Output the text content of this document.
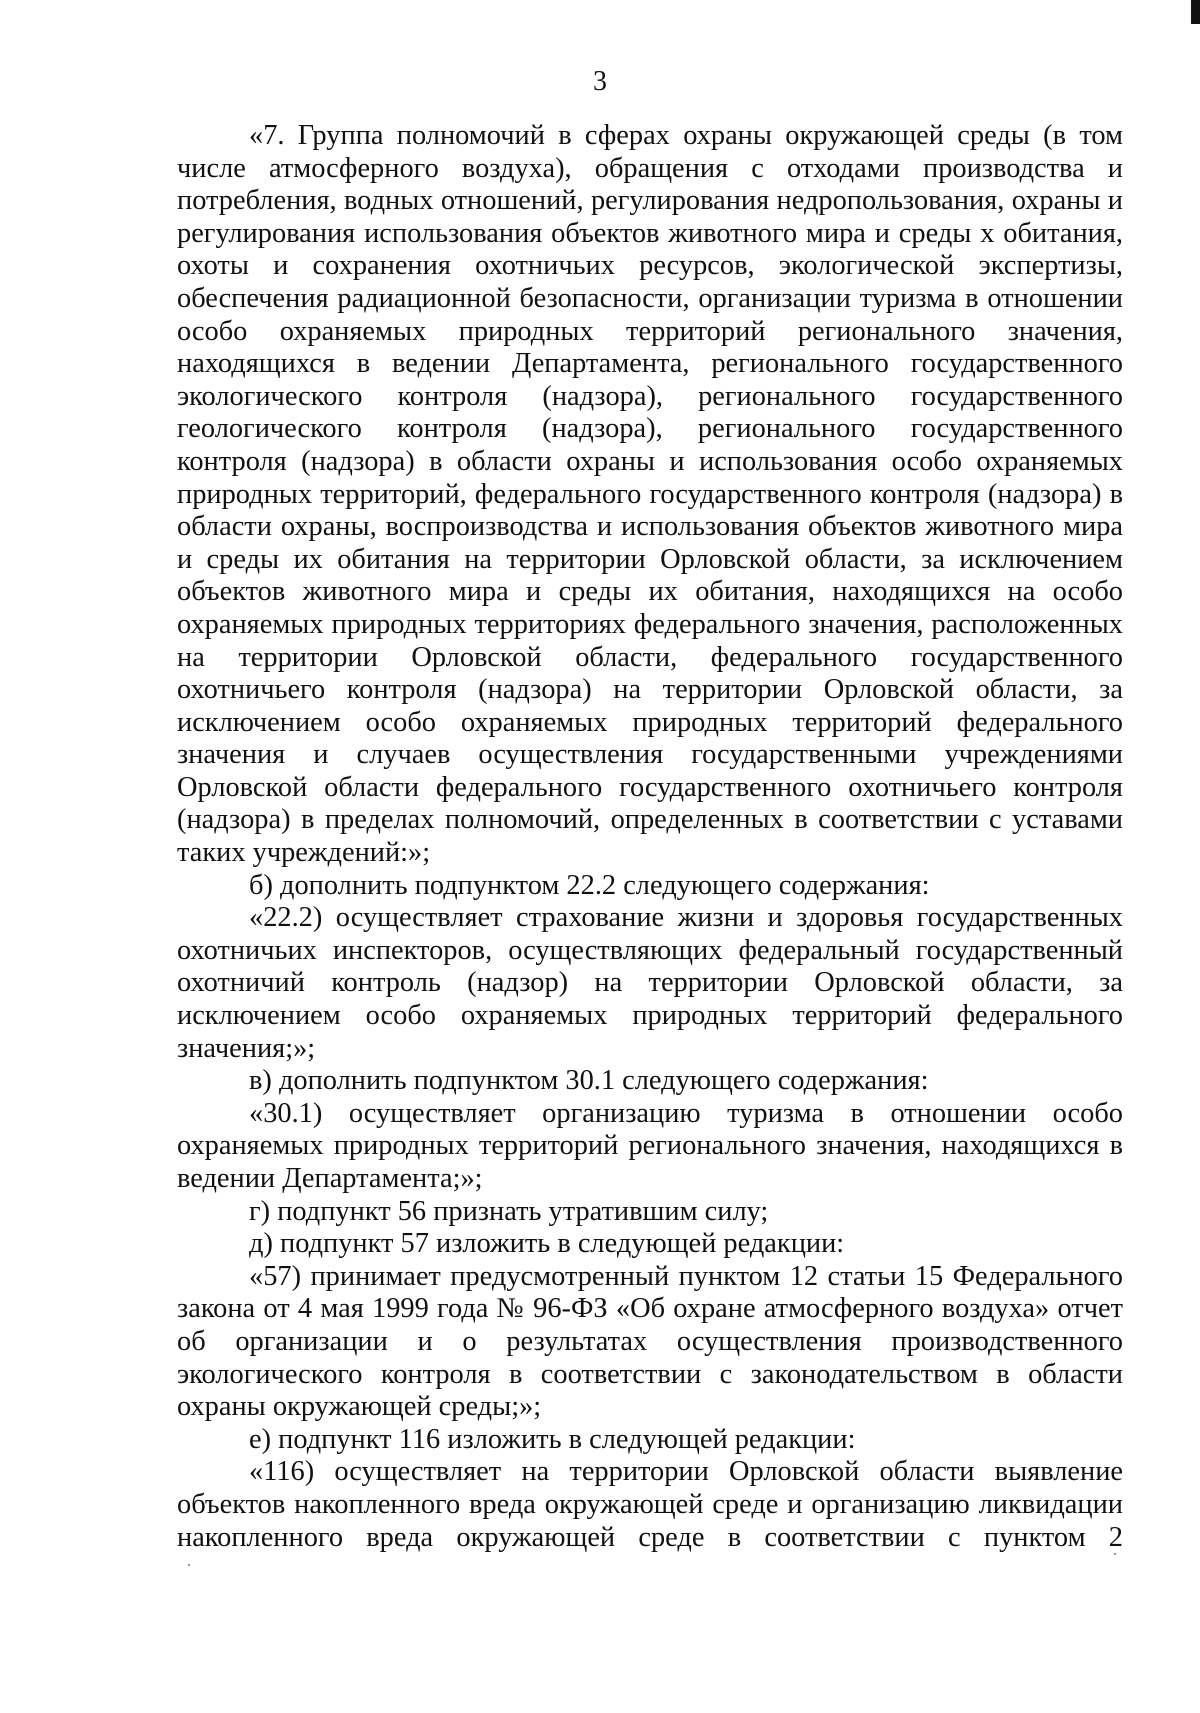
3

«7. Группа полномочий в сферах охраны окружающей среды (в том числе атмосферного воздуха), обращения с отходами производства и потребления, водных отношений, регулирования недропользования, охраны и регулирования использования объектов животного мира и среды х обитания, охоты и сохранения охотничьих ресурсов, экологической экспертизы, обеспечения радиационной безопасности, организации туризма в отношении особо охраняемых природных территорий регионального значения, находящихся в ведении Департамента, регионального государственного экологического контроля (надзора), регионального государственного геологического контроля (надзора), регионального государственного контроля (надзора) в области охраны и использования особо охраняемых природных территорий, федерального государственного контроля (надзора) в области охраны, воспроизводства и использования объектов животного мира и среды их обитания на территории Орловской области, за исключением объектов животного мира и среды их обитания, находящихся на особо охраняемых природных территориях федерального значения, расположенных на территории Орловской области, федерального государственного охотничьего контроля (надзора) на территории Орловской области, за исключением особо охраняемых природных территорий федерального значения и случаев осуществления государственными учреждениями Орловской области федерального государственного охотничьего контроля (надзора) в пределах полномочий, определенных в соответствии с уставами таких учреждений:»;

б) дополнить подпунктом 22.2 следующего содержания:

«22.2) осуществляет страхование жизни и здоровья государственных охотничьих инспекторов, осуществляющих федеральный государственный охотничий контроль (надзор) на территории Орловской области, за исключением особо охраняемых природных территорий федерального значения;»;

в) дополнить подпунктом 30.1 следующего содержания:

«30.1) осуществляет организацию туризма в отношении особо охраняемых природных территорий регионального значения, находящихся в ведении Департамента;»;

г) подпункт 56 признать утратившим силу;

д) подпункт 57 изложить в следующей редакции:

«57) принимает предусмотренный пунктом 12 статьи 15 Федерального закона от 4 мая 1999 года № 96-ФЗ «Об охране атмосферного воздуха» отчет об организации и о результатах осуществления производственного экологического контроля в соответствии с законодательством в области охраны окружающей среды;»;

е) подпункт 116 изложить в следующей редакции:

«116) осуществляет на территории Орловской области выявление объектов накопленного вреда окружающей среде и организацию ликвидации накопленного вреда окружающей среде в соответствии с пунктом 2
